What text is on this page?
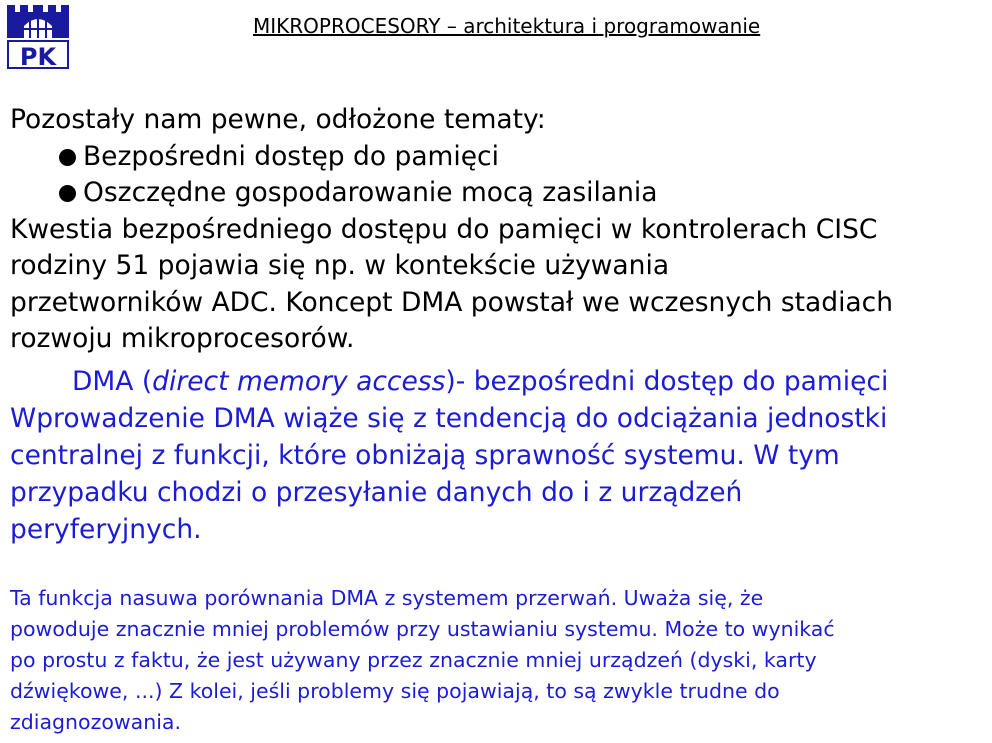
PK
MIKROPROCESORY – architektura i programowanie
Pozostały nam pewne, odłożone tematy:
Bezpośredni dostęp do pamięci
Oszczędne gospodarowanie mocą zasilania
Kwestia bezpośredniego dostępu do pamięci w kontrolerach CISC
rodziny 51 pojawia się np. w kontekście używania
przetworników ADC. Koncept DMA powstał we wczesnych stadiach
rozwoju mikroprocesorów.
DMA (direct memory access)- bezpośredni dostęp do pamięci
Wprowadzenie DMA wiąże się z tendencją do odciążania jednostki
centralnej z funkcji, które obniżają sprawność systemu. W tym
przypadku chodzi o przesyłanie danych do i z urządzeń
peryferyjnych.
Ta funkcja nasuwa porównania DMA z systemem przerwań. Uważa się, że
powoduje znacznie mniej problemów przy ustawianiu systemu. Może to wynikać
po prostu z faktu, że jest używany przez znacznie mniej urządzeń (dyski, karty
dźwiękowe, ...) Z kolei, jeśli problemy się pojawiają, to są zwykle trudne do
zdiagnozowania.
